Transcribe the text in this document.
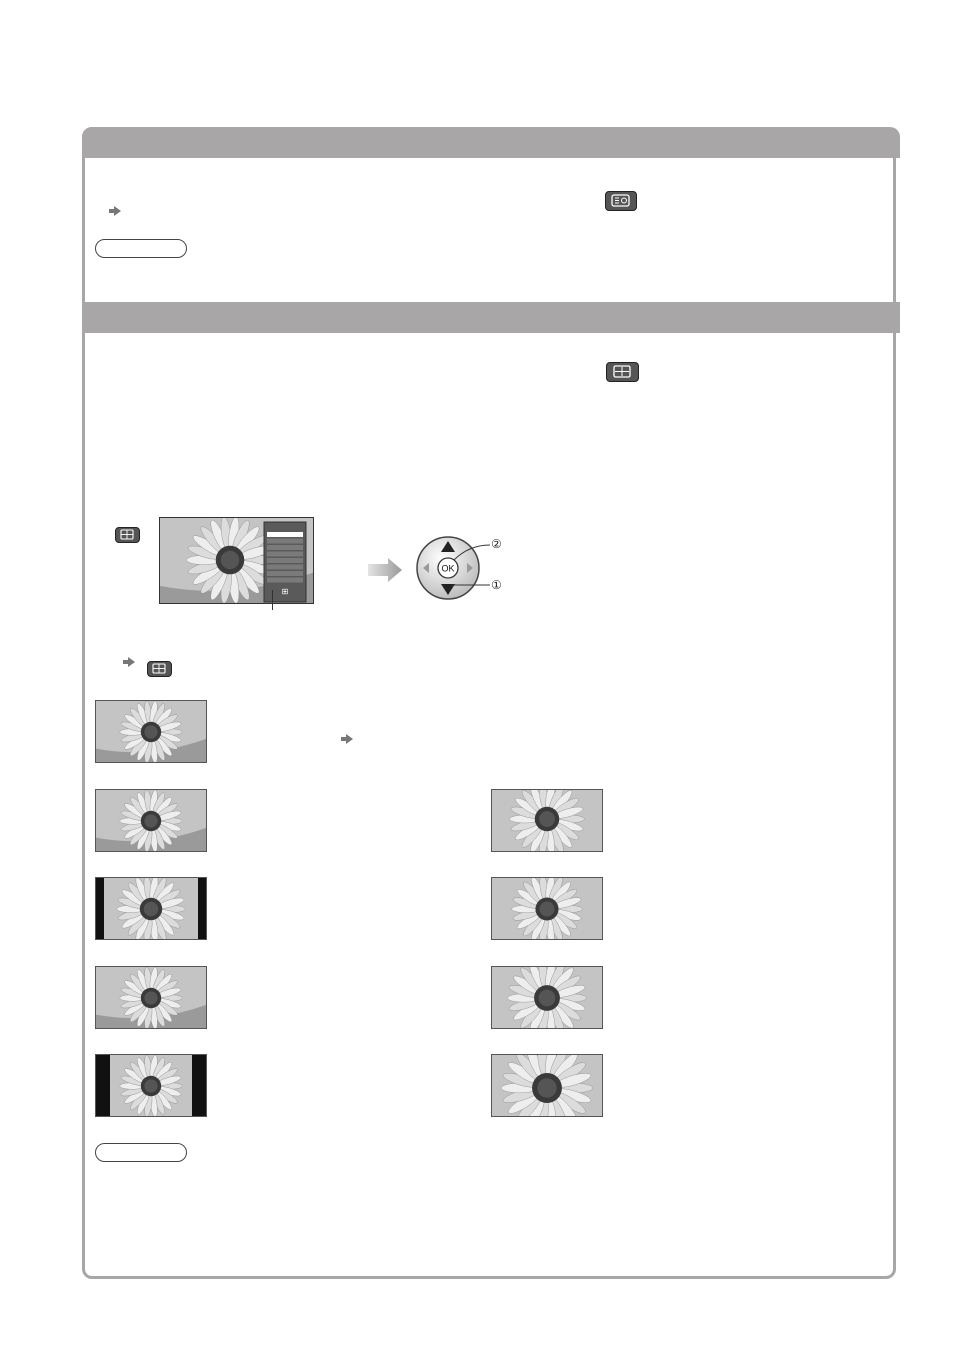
⊞
OK
②
①
